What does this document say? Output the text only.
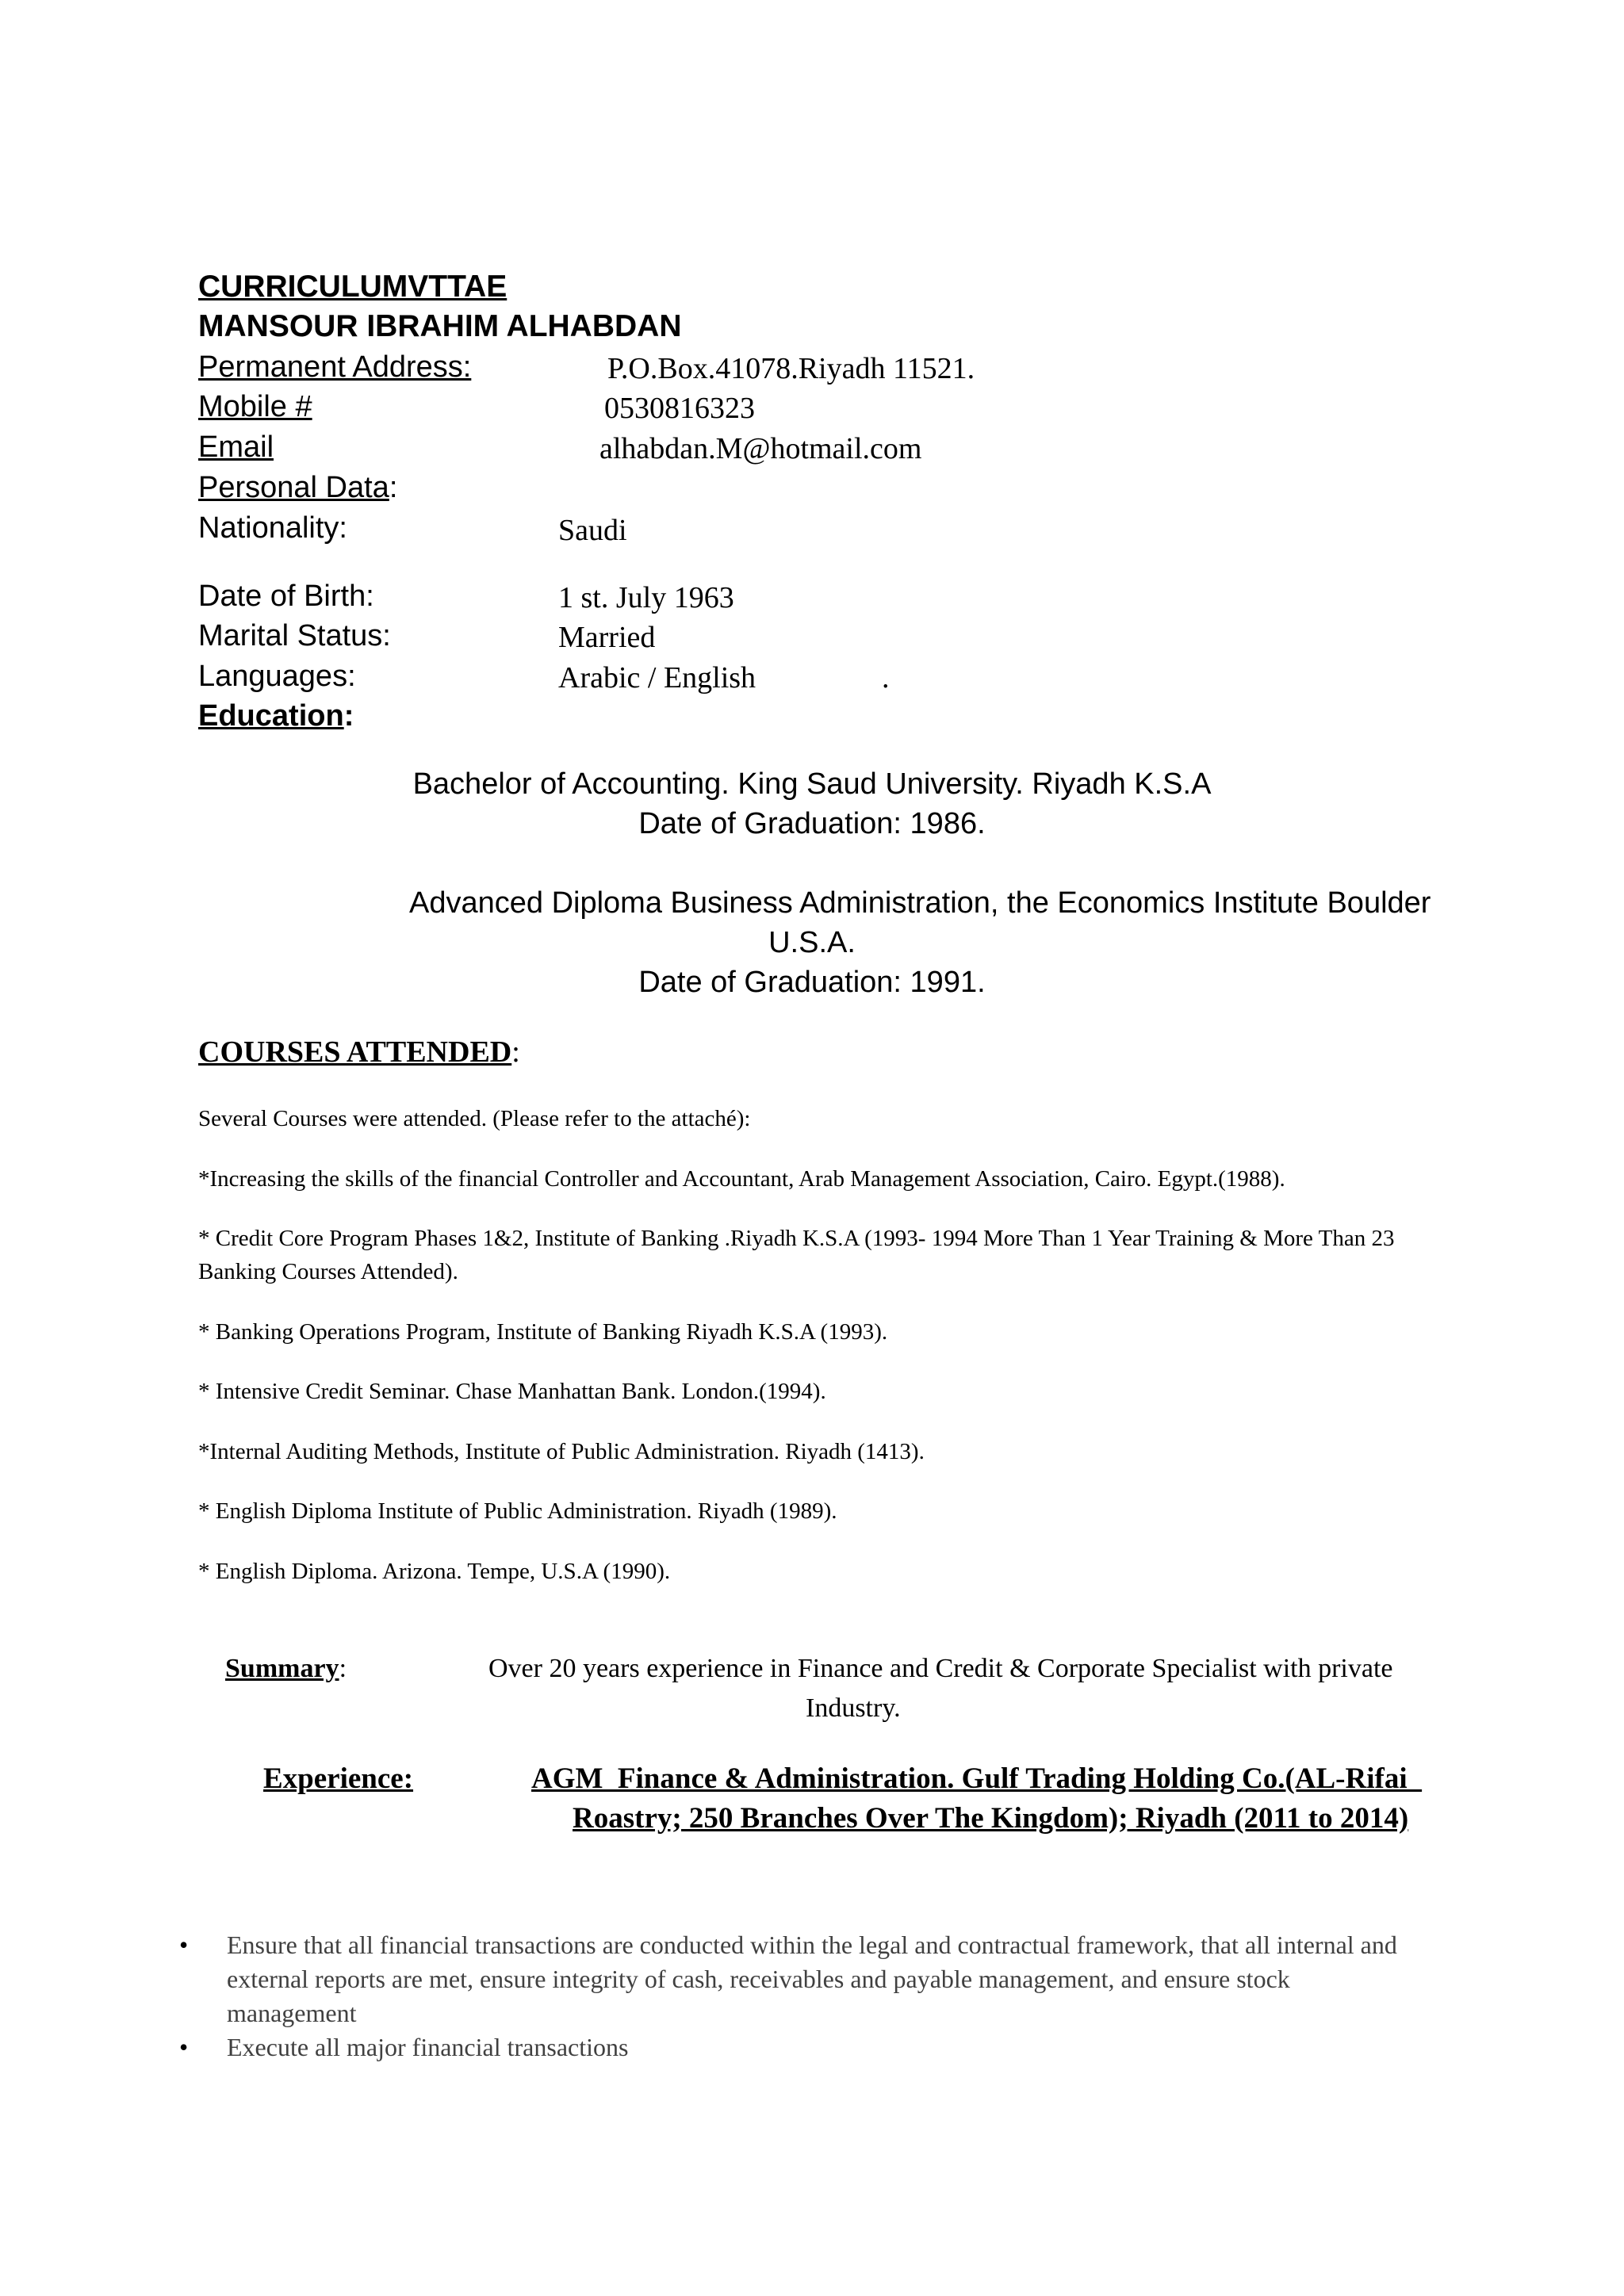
CURRICULUMVTTAE
MANSOUR IBRAHIM ALHABDAN
Permanent Address:	P.O.Box.41078.Riyadh 11521.
Mobile #	0530816323
Email	alhabdan.M@hotmail.com
Personal Data:
Nationality:	Saudi
Date of Birth:	1 st. July 1963
Marital Status:	Married
Languages:	Arabic / English	.
Education:
Bachelor of Accounting. King Saud University. Riyadh K.S.A
Date of Graduation: 1986.
Advanced Diploma Business Administration, the Economics Institute Boulder
U.S.A.
Date of Graduation: 1991.
COURSES ATTENDED:
Several Courses were attended. (Please refer to the attaché):
*Increasing the skills of the financial Controller and Accountant, Arab Management Association, Cairo. Egypt.(1988).
* Credit Core Program Phases 1&2, Institute of Banking .Riyadh K.S.A (1993- 1994 More Than 1 Year Training & More Than 23 Banking Courses Attended).
* Banking Operations Program, Institute of Banking Riyadh K.S.A (1993).
* Intensive Credit Seminar. Chase Manhattan Bank. London.(1994).
*Internal Auditing Methods, Institute of Public Administration. Riyadh (1413).
* English Diploma Institute of Public Administration. Riyadh (1989).
* English Diploma. Arizona. Tempe, U.S.A (1990).
Summary:	Over 20 years experience in Finance and Credit & Corporate Specialist with private
Industry.
Experience:	AGM  Finance & Administration. Gulf Trading Holding Co.(AL-Rifai
Roastry; 250 Branches Over The Kingdom); Riyadh (2011 to 2014)
• Ensure that all financial transactions are conducted within the legal and contractual framework, that all internal and external reports are met, ensure integrity of cash, receivables and payable management, and ensure stock management
• Execute all major financial transactions
